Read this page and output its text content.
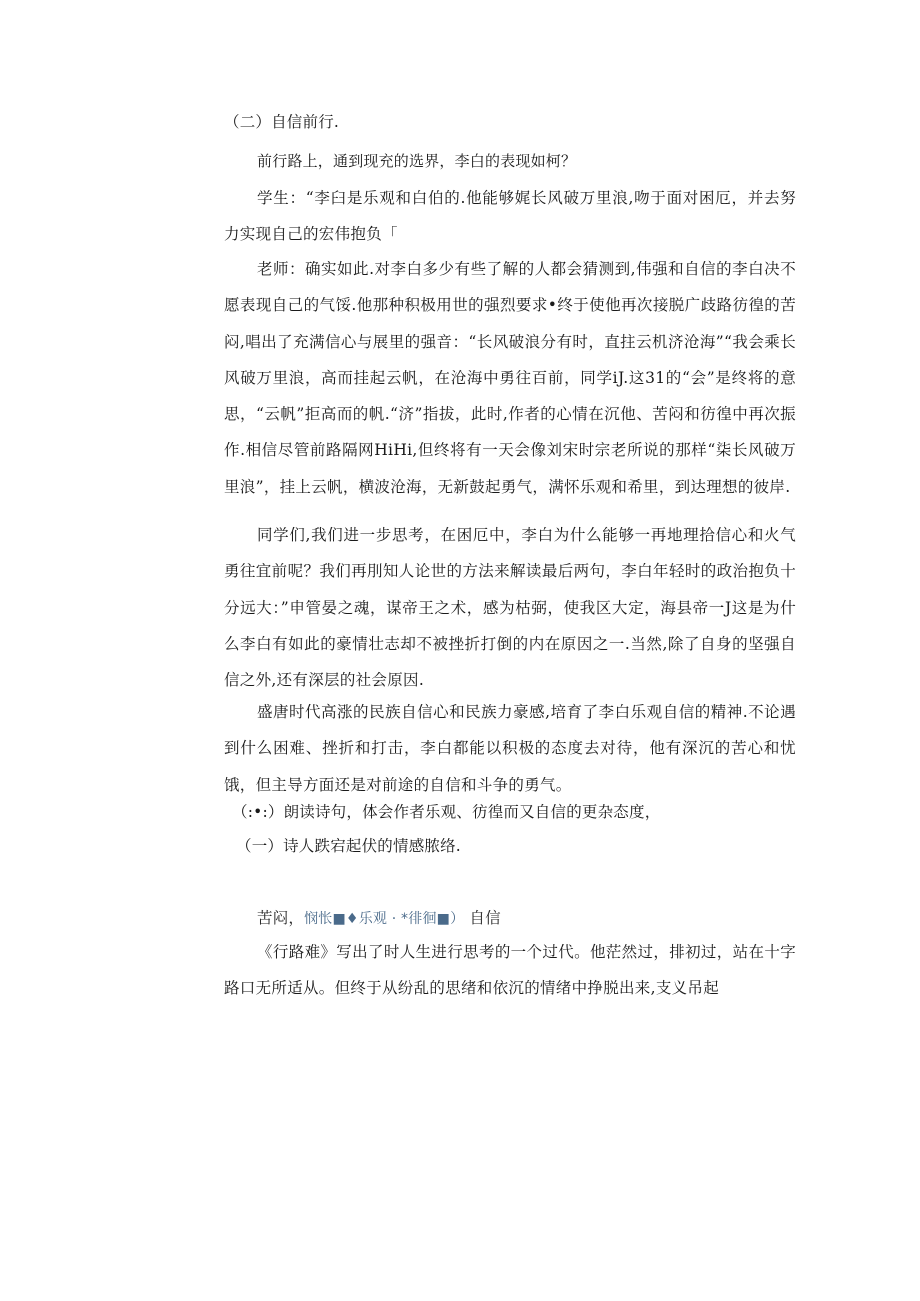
（二）自信前行.
前行路上，通到现充的选界，李白的表现如柯？
学生：“李臼是乐观和白伯的.他能够娓长风破万里浪,吻于面对困厄，并去努力实现自己的宏伟抱负「
老师：确实如此.对李白多少有些了解的人都会猜测到,伟强和自信的李白决不愿表现自己的气馁.他那种积极用世的强烈要求•终于使他再次接脱广歧路彷徨的苦闷,唱出了充满信心与展里的强音：“长风破浪分有时，直拄云机济沧海”“我会乘长风破万里浪，高而挂起云帆，在沧海中勇往百前，同学iJ.这31的“会”是终将的意思，“云帆”拒高而的帆.“济”指拔，此时,作者的心情在沉他、苦闷和彷徨中再次振作.相信尽管前路隔网HiHi,但终将有一天会像刘宋时宗老所说的那样“柒长风破万里浪”，挂上云帆，横波沧海，无新鼓起勇气，满怀乐观和希里，到达理想的彼岸.
同学们,我们进一步思考，在困厄中，李白为什么能够一再地理拾信心和火气勇往宜前呢？我们再刖知人论世的方法来解读最后两句，李白年轻时的政治抱负十分远大：”申管晏之魂，谋帝王之术，感为枯弼，使我区大定，海县帝一J这是为什么李白有如此的豪情壮志却不被挫折打倒的内在原因之一.当然,除了自身的坚强自信之外,还有深层的社会原因.
盛唐时代高涨的民族自信心和民族力豪感,培育了李白乐观自信的精神.不论遇到什么困难、挫折和打击，李白都能以积极的态度去对待，他有深沉的苦心和忧饿，但主导方面还是对前途的自信和斗争的勇气。
（:•:）朗读诗句，体会作者乐观、彷徨而又自信的更杂态度，
（一）诗人跌宕起伏的情感脓络.
苦闷，悯怅■♦乐观 · *徘徊■） 自信
《行路难》写出了时人生进行思考的一个过代。他茫然过，排初过，站在十字路口无所适从。但终于从纷乱的思绪和依沉的情绪中挣脱出来,支义吊起
